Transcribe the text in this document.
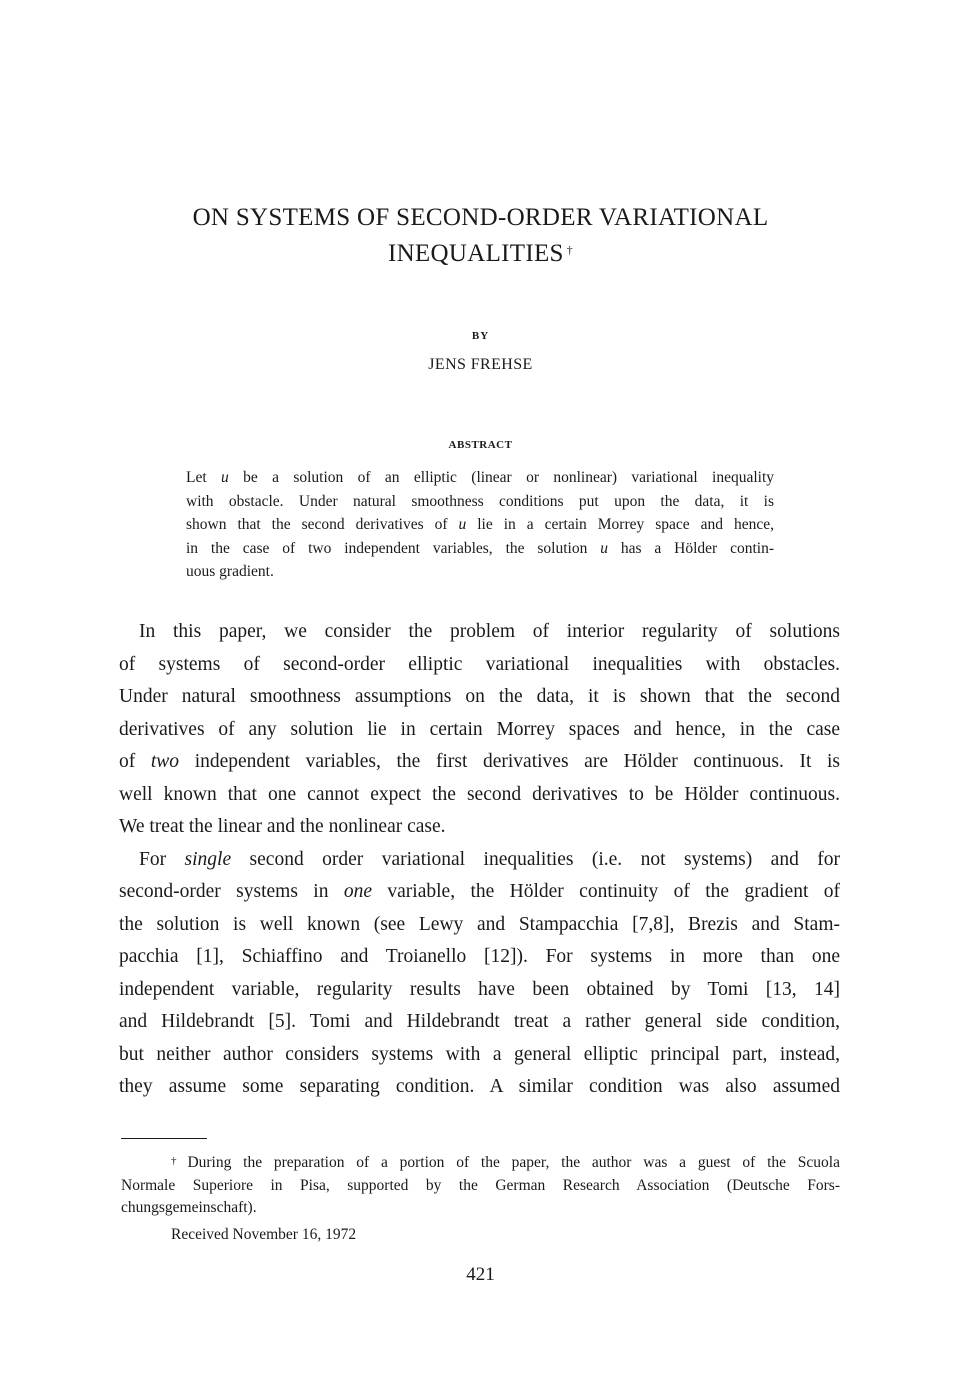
ON SYSTEMS OF SECOND-ORDER VARIATIONAL
INEQUALITIES †
BY
JENS FREHSE
ABSTRACT
Let u be a solution of an elliptic (linear or nonlinear) variational inequality
with obstacle. Under natural smoothness conditions put upon the data, it is
shown that the second derivatives of u lie in a certain Morrey space and hence,
in the case of two independent variables, the solution u has a Hölder contin-
uous gradient.
In this paper, we consider the problem of interior regularity of solutions
of systems of second-order elliptic variational inequalities with obstacles.
Under natural smoothness assumptions on the data, it is shown that the second
derivatives of any solution lie in certain Morrey spaces and hence, in the case
of two independent variables, the first derivatives are Hölder continuous. It is
well known that one cannot expect the second derivatives to be Hölder continuous.
We treat the linear and the nonlinear case.
For single second order variational inequalities (i.e. not systems) and for
second-order systems in one variable, the Hölder continuity of the gradient of
the solution is well known (see Lewy and Stampacchia [7,8], Brezis and Stam-
pacchia [1], Schiaffino and Troianello [12]). For systems in more than one
independent variable, regularity results have been obtained by Tomi [13, 14]
and Hildebrandt [5]. Tomi and Hildebrandt treat a rather general side condition,
but neither author considers systems with a general elliptic principal part, instead,
they assume some separating condition. A similar condition was also assumed
† During the preparation of a portion of the paper, the author was a guest of the Scuola
Normale Superiore in Pisa, supported by the German Research Association (Deutsche Fors-
chungsgemeinschaft).
Received November 16, 1972
421
